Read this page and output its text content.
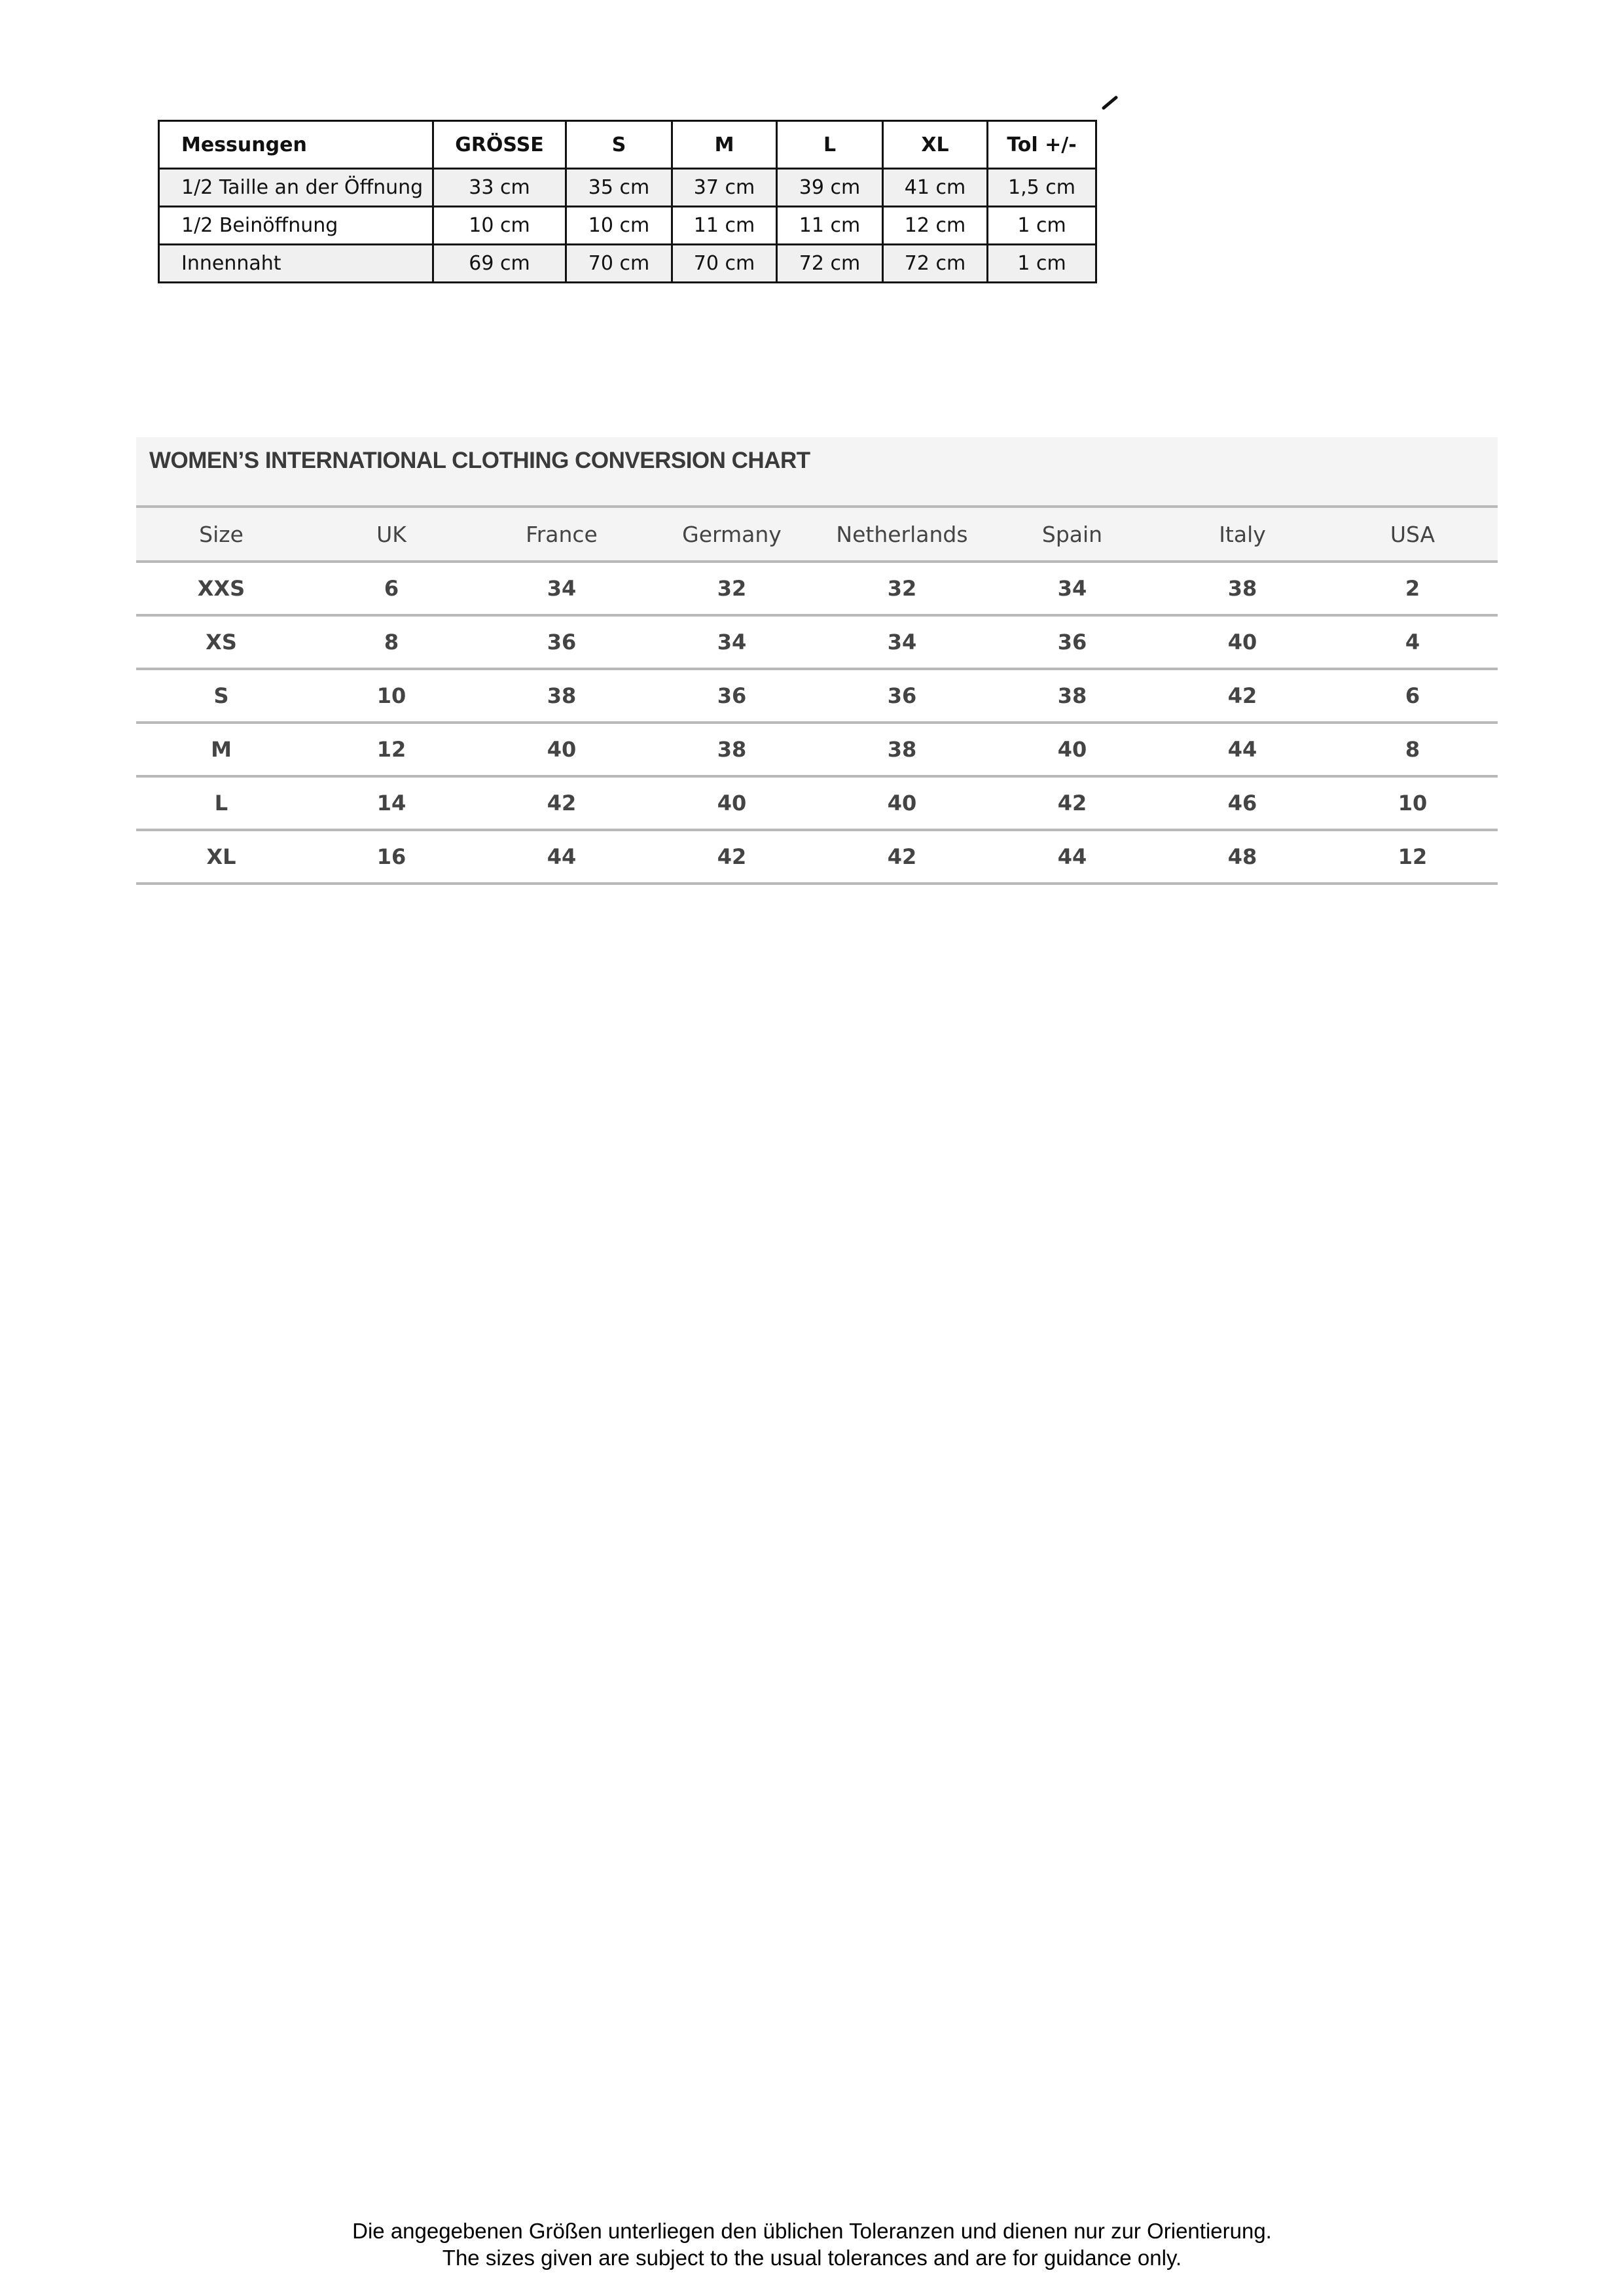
Messungen	GRÖSSE	S	M	L	XL	Tol +/-
1/2 Taille an der Öffnung	33 cm	35 cm	37 cm	39 cm	41 cm	1,5 cm
1/2 Beinöffnung	10 cm	10 cm	11 cm	11 cm	12 cm	1 cm
Innennaht	69 cm	70 cm	70 cm	72 cm	72 cm	1 cm
WOMEN’S INTERNATIONAL CLOTHING CONVERSION CHART
Size	UK	France	Germany	Netherlands	Spain	Italy	USA
XXS	6	34	32	32	34	38	2
XS	8	36	34	34	36	40	4
S	10	38	36	36	38	42	6
M	12	40	38	38	40	44	8
L	14	42	40	40	42	46	10
XL	16	44	42	42	44	48	12
Die angegebenen Größen unterliegen den üblichen Toleranzen und dienen nur zur Orientierung.
The sizes given are subject to the usual tolerances and are for guidance only.
